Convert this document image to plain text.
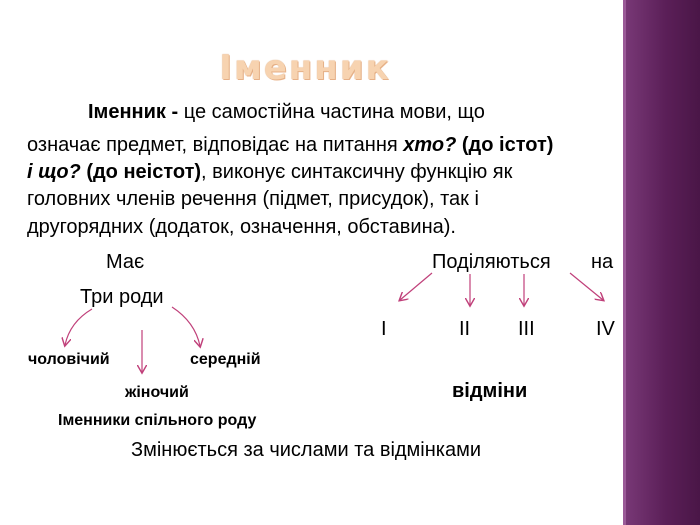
Іменник
Іменник - це самостійна частина мови, що
означає предмет, відповідає на питання хто? (до істот)
і що? (до неістот), виконує синтаксичну функцію як
головних членів речення (підмет, присудок), так і
другорядних (додаток, означення, обставина).
Має
Три роди
чоловічий	середній
жіночий
Іменники спільного роду
Поділяються на
I	II III	IV
відміни
Змінюється за числами та відмінками
